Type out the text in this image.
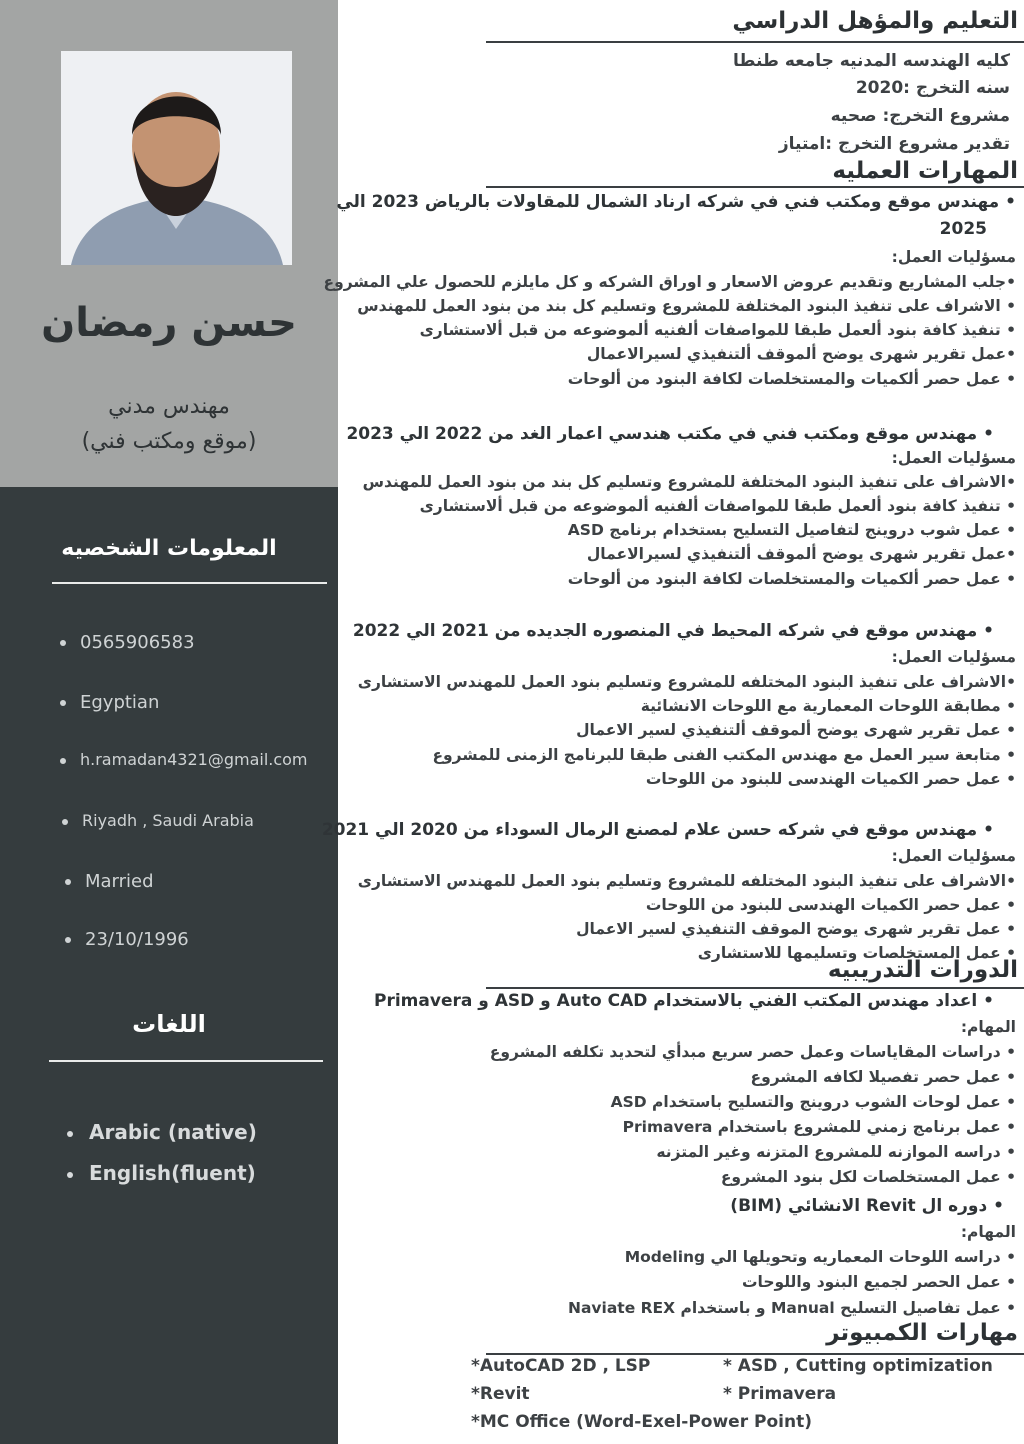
حسن رمضان
مهندس مدني
(موقع ومكتب فني)
المعلومات الشخصيه
0565906583
Egyptian
h.ramadan4321@gmail.com
Riyadh , Saudi Arabia
Married
23/10/1996
اللغات
Arabic (native)
English(fluent)
التعليم والمؤهل الدراسي
كليه الهندسه المدنيه جامعه طنطا
سنه التخرج :2020
مشروع التخرج: صحيه
تقدير مشروع التخرج :امتياز
المهارات العمليه
• مهندس موقع ومكتب فني في شركه ارناد الشمال للمقاولات بالرياض 2023 الي
2025
مسؤليات العمل:
•جلب المشاريع وتقديم عروض الاسعار و اوراق الشركه و كل مايلزم للحصول علي المشروع
• الاشراف على تنفيذ البنود المختلفة للمشروع وتسليم كل بند من بنود العمل للمهندس
• تنفيذ كافة بنود ألعمل طبقا للمواصفات ألفنيه ألموضوعه من قبل ألاستشارى
•عمل تقرير شهرى يوضح ألموقف ألتنفيذي لسيرالاعمال
• عمل حصر ألكميات والمستخلصات لكافة البنود من ألوحات
• مهندس موقع ومكتب فني في مكتب هندسي اعمار الغد من 2022 الي 2023
مسؤليات العمل:
•الاشراف على تنفيذ البنود المختلفة للمشروع وتسليم كل بند من بنود العمل للمهندس
• تنفيذ كافة بنود ألعمل طبقا للمواصفات ألفنيه ألموضوعه من قبل ألاستشارى
• عمل شوب دروينج لتفاصيل التسليح بستخدام برنامج ASD
•عمل تقرير شهرى يوضح ألموقف ألتنفيذي لسيرالاعمال
• عمل حصر ألكميات والمستخلصات لكافة البنود من ألوحات
• مهندس موقع في شركه المحيط في المنصوره الجديده من 2021 الي 2022
مسؤليات العمل:
•الاشراف على تنفيذ البنود المختلفه للمشروع وتسليم بنود العمل للمهندس الاستشارى
• مطابقة اللوحات المعمارية مع اللوحات الانشائية
• عمل تقرير شهرى يوضح ألموقف ألتنفيذي لسير الاعمال
• متابعة سير العمل مع مهندس المكتب الفنى طبقا للبرنامج الزمنى للمشروع
• عمل حصر الكميات الهندسى للبنود من اللوحات
• مهندس موقع في شركه حسن علام لمصنع الرمال السوداء من 2020 الي 2021
مسؤليات العمل:
•الاشراف على تنفيذ البنود المختلفه للمشروع وتسليم بنود العمل للمهندس الاستشارى
• عمل حصر الكميات الهندسى للبنود من اللوحات
• عمل تقرير شهرى يوضح الموقف التنفيذي لسير الاعمال
• عمل المستخلصات وتسليمها للاستشارى
الدورات التدريبيه
• اعداد مهندس المكتب الفني بالاستخدام Auto CAD و ASD و Primavera
المهام:
• دراسات المقاياسات وعمل حصر سريع مبدأي لتحديد تكلفه المشروع
• عمل حصر تفصيلا لكافه المشروع
• عمل لوحات الشوب دروينج والتسليح باستخدام ASD
• عمل برنامج زمني للمشروع باستخدام Primavera
• دراسه الموازنه للمشروع المتزنه وغير المتزنه
• عمل المستخلصات لكل بنود المشروع
• دوره ال Revit الانشائي (BIM)
المهام:
• دراسه اللوحات المعماريه وتحويلها الي Modeling
• عمل الحصر لجميع البنود واللوحات
• عمل تفاصيل التسليح Manual و باستخدام Naviate REX
مهارات الكمبيوتر
*AutoCAD 2D , LSP
*Revit
*MC Office (Word-Exel-Power Point)
* ASD , Cutting optimization
* Primavera
